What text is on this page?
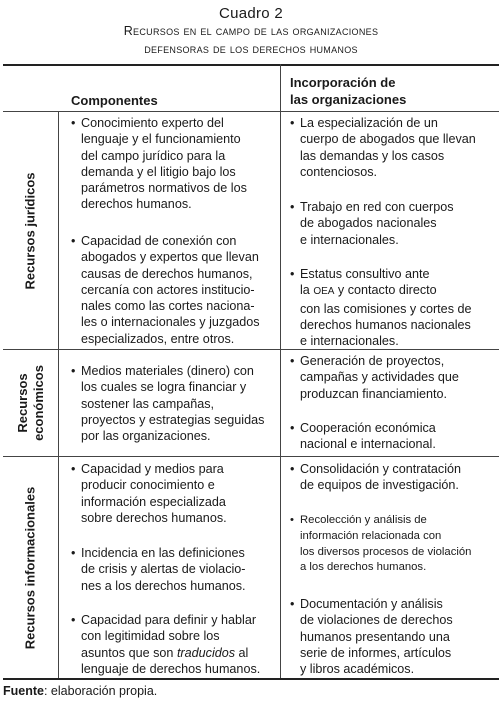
Cuadro 2
Recursos en el campo de las organizaciones
defensoras de los derechos humanos
Componentes
Incorporación de
las organizaciones
Recursos jurídicos
Recursos económicos
Recursos informacionales
• Conocimiento experto del
lenguaje y el funcionamiento
del campo jurídico para la
demanda y el litigio bajo los
parámetros normativos de los
derechos humanos.
• Capacidad de conexión con
abogados y expertos que llevan
causas de derechos humanos,
cercanía con actores institucio-
nales como las cortes naciona-
les o internacionales y juzgados
especializados, entre otros.
• La especialización de un
cuerpo de abogados que llevan
las demandas y los casos
contenciosos.
• Trabajo en red con cuerpos
de abogados nacionales
e internacionales.
• Estatus consultivo ante
la OEA y contacto directo
con las comisiones y cortes de
derechos humanos nacionales
e internacionales.
• Medios materiales (dinero) con
los cuales se logra financiar y
sostener las campañas,
proyectos y estrategias seguidas
por las organizaciones.
• Generación de proyectos,
campañas y actividades que
produzcan financiamiento.
• Cooperación económica
nacional e internacional.
• Capacidad y medios para
producir conocimiento e
información especializada
sobre derechos humanos.
• Incidencia en las definiciones
de crisis y alertas de violacio-
nes a los derechos humanos.
• Capacidad para definir y hablar
con legitimidad sobre los
asuntos que son traducidos al
lenguaje de derechos humanos.
• Consolidación y contratación
de equipos de investigación.
• Recolección y análisis de
información relacionada con
los diversos procesos de violación
a los derechos humanos.
• Documentación y análisis
de violaciones de derechos
humanos presentando una
serie de informes, artículos
y libros académicos.
Fuente: elaboración propia.
